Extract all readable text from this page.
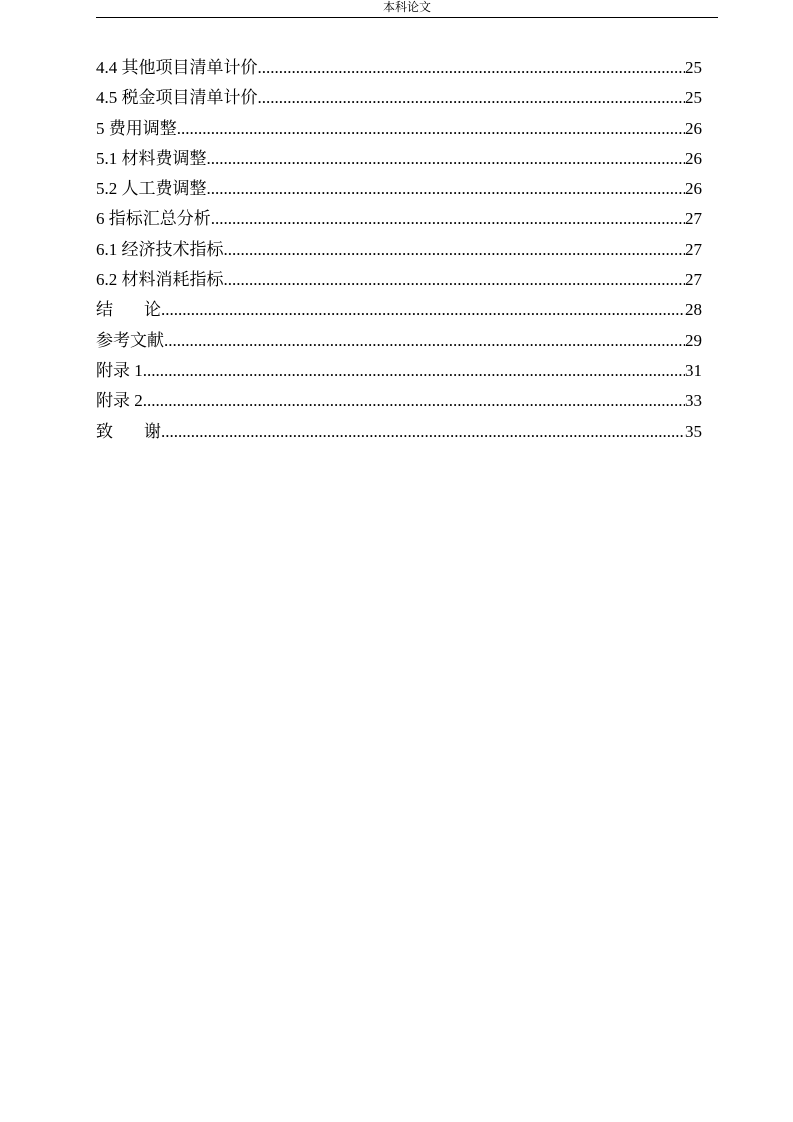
本科论文
4.4 其他项目清单计价 .....	25
4.5 税金项目清单计价 .....	25
5 费用调整 .....	26
5.1 材料费调整 .....	26
5.2 人工费调整 .....	26
6 指标汇总分析 .....	27
6.1 经济技术指标 .....	27
6.2 材料消耗指标 .....	27
结论 .....	28
参考文献 .....	29
附录 1 .....	31
附录 2 .....	33
致谢 .....	35
